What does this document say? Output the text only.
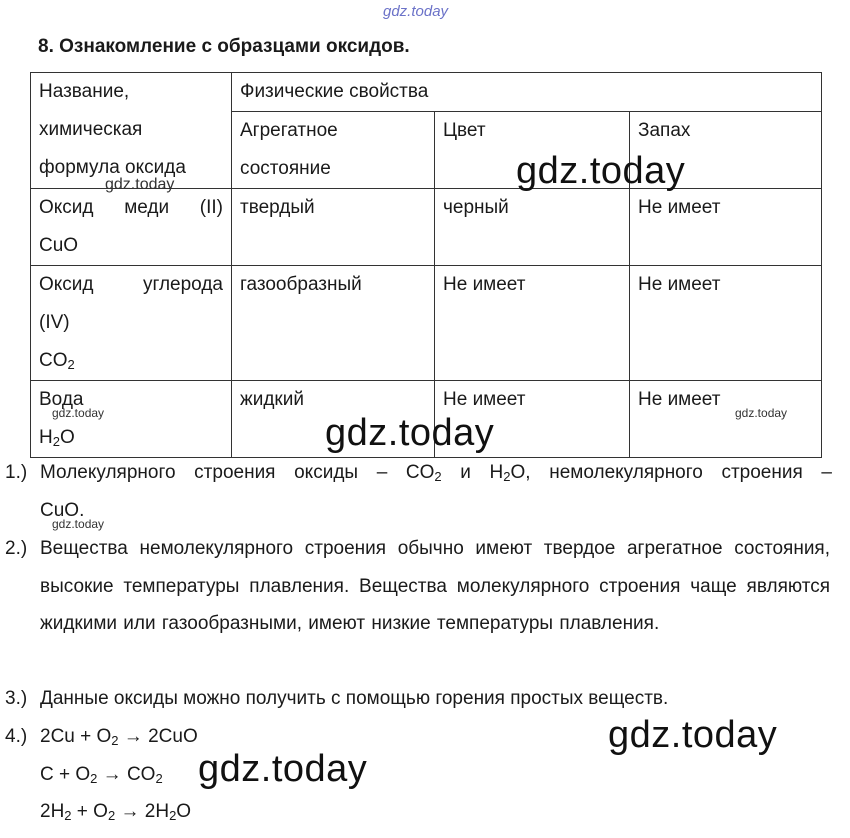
gdz.today
8. Ознакомление с образцами оксидов.
Название,
химическая
формула оксида	Физические свойства		

	Агрегатное
состояние	Цвет	Запах

Оксид меди (II)
CuO	твердый	черный	Не имеет

Оксид углерода
(IV)
$CO_2$	газообразный	Не имеет	Не имеет

Вода
$H_2O$	жидкий	Не имеет	Не имеет
gdz.today
gdz.today
gdz.today	gdz.today
gdz.today
gdz.today
gdz.today
gdz.today
1.) Молекулярного строения оксиды – $CO_2$ и $H_2O$, немолекулярного строения –
CuO.
2.) Вещества немолекулярного строения обычно имеют твердое агрегатное состояния, высокие температуры плавления. Вещества молекулярного строения чаще являются жидкими или газообразными, имеют низкие температуры плавления.
3.) Данные оксиды можно получить с помощью горения простых веществ.
4.) $2Cu + O_2 \to 2CuO$
$C + O_2 \to CO_2$
$2H_2 + O_2 \to 2H_2O$
